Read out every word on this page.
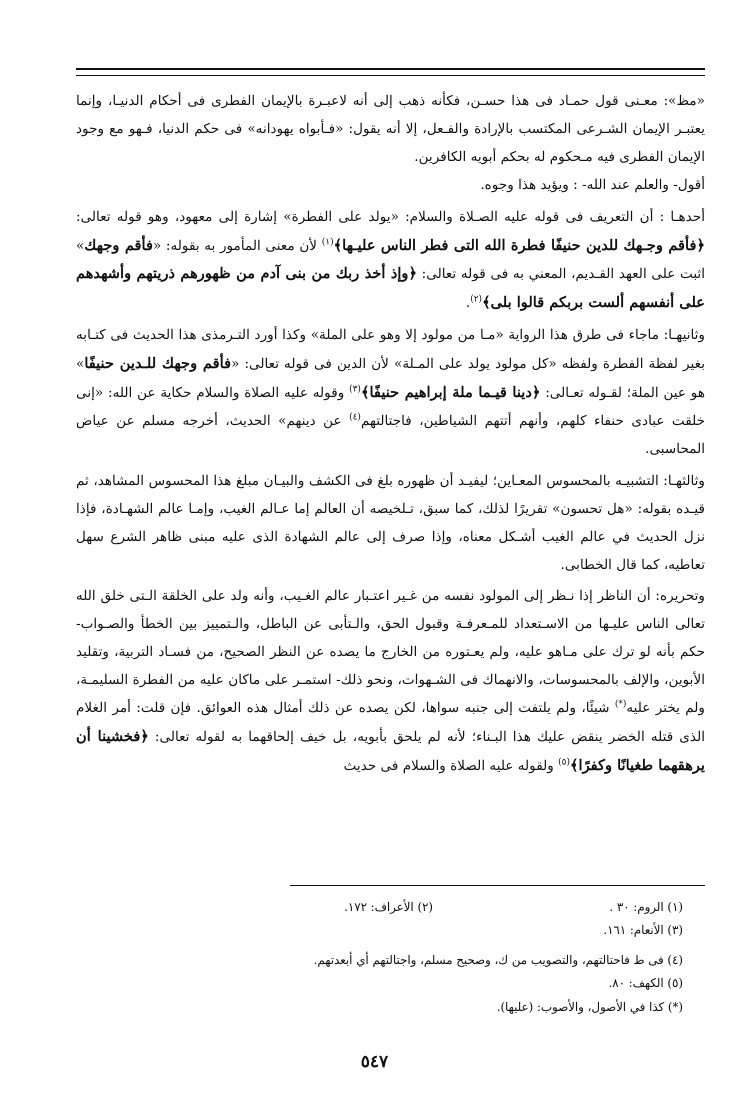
«مظ»: معـنى قول حمـاد فى هذا حسـن، فكأنه ذهب إلى أنه لاعبـرة بالإيمان الفطرى فى أحكام الدنيـا، وإنما يعتبـر الإيمان الشـرعى المكتسب بالإرادة والفـعل، إلا أنه يقول: «فـأبواه يهودانه» فى حكم الدنيا، فـهو مع وجود الإيمان الفطرى فيه مـحكوم له بحكم أبويه الكافرين.

أقول- والعلم عند الله- : ويؤيد هذا وجوه.

أحدهـا : أن التعريف فى قوله عليه الصـلاة والسلام: «يولد على الفطرة» إشارة إلى معهود، وهو قوله تعالى: ﴿فأقم وجـهك للدين حنيفًا فطرة الله التى فطر الناس عليـها﴾$^{(١)}$ لأن معنى المأمور به بقوله: «فأقم وجهك» اثبت على العهد القـديم، المعني به فى قوله تعالى: ﴿وإذ أخذ ربك من بنى آدم من ظهورهم ذريتهم وأشهدهم على أنفسهم ألست بربكم قالوا بلى﴾$^{(٢)}$.

وثانيهـا: ماجاء فى طرق هذا الرواية «مـا من مولود إلا وهو على الملة» وكذا أورد التـرمذى هذا الحديث فى كتـابه بغير لفظة الفطرة ولفظه «كل مولود يولد على المـلة» لأن الدين فى قوله تعالى: «فأقم وجهك للـدين حنيفًا» هو عين الملة؛ لقـوله تعـالى: ﴿دينا قيـما ملة إبراهيم حنيفًا﴾$^{(٣)}$ وقوله عليه الصلاة والسلام حكاية عن الله: «إنى خلقت عبادى حنفاء كلهم، وأنهم أتتهم الشياطين، فاجتالتهم$^{(٤)}$ عن دينهم» الحديث، أخرجه مسلم عن عياض المحاسبى.

وثالثهـا: التشبيـه بالمحسوس المعـاين؛ ليفيـد أن ظهوره بلغ فى الكشف والبيـان مبلغ هذا المحسوس المشاهد، ثم قيـده بقوله: «هل تحسون» تقريرًا لذلك، كما سبق، تـلخيصه أن العالم إما عـالم الغيب، وإمـا عالم الشهـادة، فإذا نزل الحديث في عالم الغيب أشـكل معناه، وإذا صرف إلى عالم الشهادة الذى عليه مبنى ظاهر الشرع سهل تعاطيه، كما قال الخطابى.

وتحريره: أن الناظر إذا نـظر إلى المولود نفسه من غـير اعتـبار عالم الغـيب، وأنه ولد على الخلقة الـتى خلق الله تعالى الناس عليـها من الاسـتعداد للمـعرفـة وقبول الحق، والـتأبى عن الباطل، والـتمييز بين الخطأ والصـواب- حكم بأنه لو ترك على مـاهو عليه، ولم يعـتوره من الخارج ما يصده عن النظر الصحيح، من فسـاد التربية، وتقليد الأبوين، والإلف بالمحسوسات، والانهماك فى الشـهوات، ونحو ذلك- استمـر على ماكان عليه من الفطرة السليمـة، ولم يختر عليه(*) شيئًا، ولم يلتفت إلى جنبه سواها، لكن يصده عن ذلك أمثال هذه العوائق. فإن قلت: أمر الغلام الذى قتله الخضر ينقض عليك هذا البـناء؛ لأنه لم يلحق بأبويه، بل خيف إلحاقهما به لقوله تعالى: ﴿فخشينا أن يرهقهما طغيانًا وكفرًا﴾$^{(٥)}$ ولقوله عليه الصلاة والسلام فى حديث

(١) الروم: ٣٠ .
(٢) الأعراف: ١٧٢.
(٣) الأنعام: ١٦١.
(٤) فى ط فاحتالتهم، والتصويب من ك، وصحيح مسلم، واجتالتهم أي أبعدتهم.
(٥) الكهف: ٨٠.
(*) كذا في الأصول، والأصوب: (عليها).
٥٤٧
